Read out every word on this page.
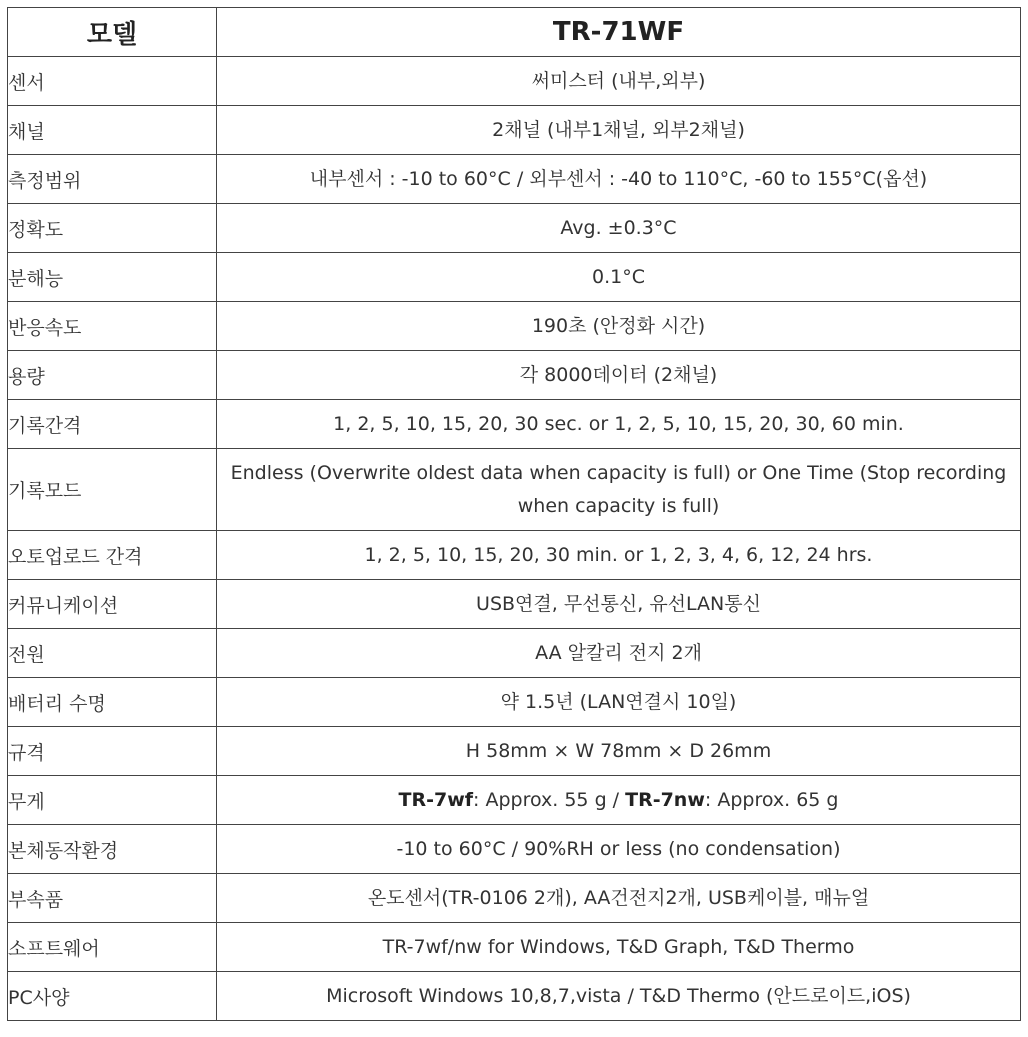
모델	TR-71WF
센서	써미스터 (내부,외부)
채널	2채널 (내부1채널, 외부2채널)
측정범위	내부센서 : -10 to 60°C / 외부센서 : -40 to 110°C, -60 to 155°C(옵션)
정확도	Avg. ±0.3°C
분해능	0.1°C
반응속도	190초 (안정화 시간)
용량	각 8000데이터 (2채널)
기록간격	1, 2, 5, 10, 15, 20, 30 sec. or 1, 2, 5, 10, 15, 20, 30, 60 min.
기록모드	Endless (Overwrite oldest data when capacity is full) or One Time (Stop recording when capacity is full)
오토업로드 간격	1, 2, 5, 10, 15, 20, 30 min. or 1, 2, 3, 4, 6, 12, 24 hrs.
커뮤니케이션	USB연결, 무선통신, 유선LAN통신
전원	AA 알칼리 전지 2개
배터리 수명	약 1.5년 (LAN연결시 10일)
규격	H 58mm × W 78mm × D 26mm
무게	TR-7wf: Approx. 55 g / TR-7nw: Approx. 65 g
본체동작환경	-10 to 60°C / 90%RH or less (no condensation)
부속품	온도센서(TR-0106 2개), AA건전지2개, USB케이블, 매뉴얼
소프트웨어	TR-7wf/nw for Windows, T&D Graph, T&D Thermo
PC사양	Microsoft Windows 10,8,7,vista / T&D Thermo (안드로이드,iOS)
